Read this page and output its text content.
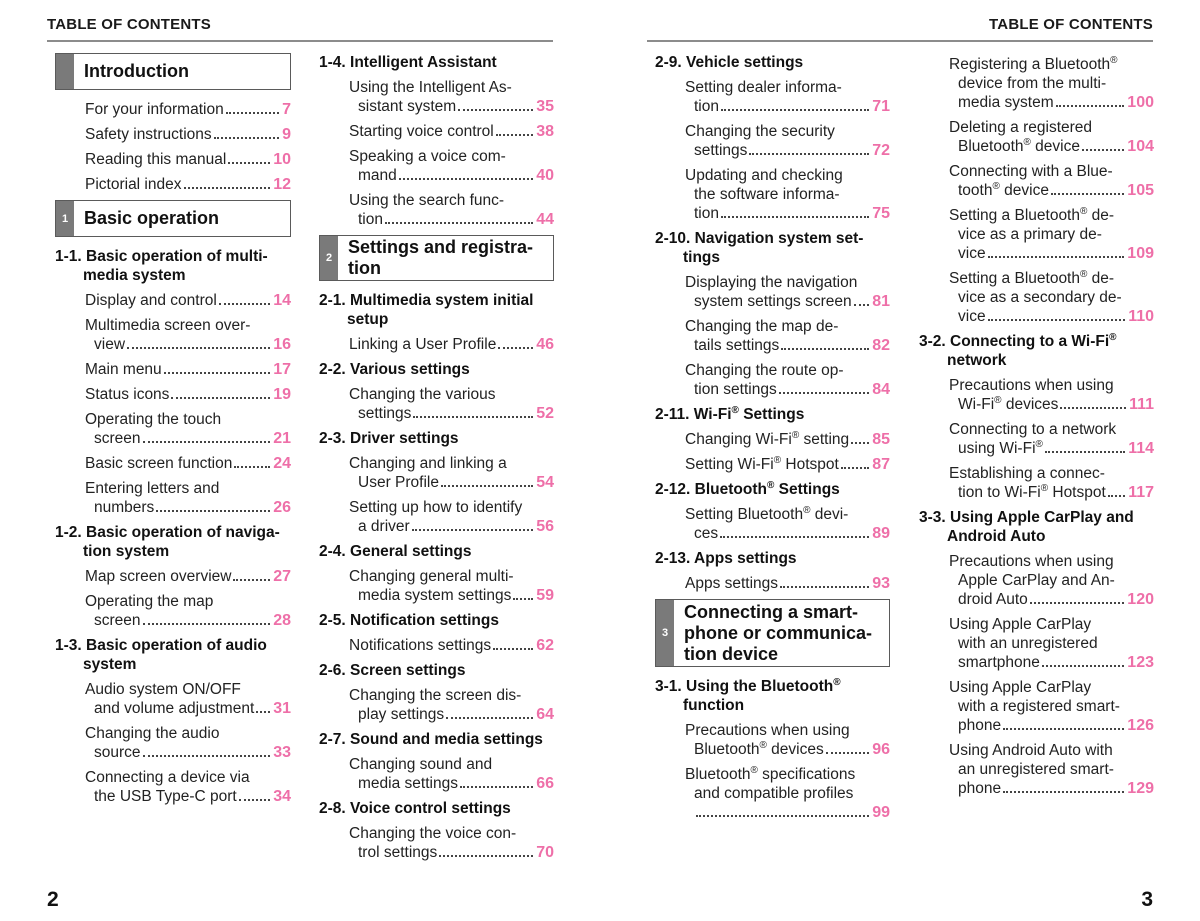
TABLE OF CONTENTS	TABLE OF CONTENTS
2	3
Introduction
For your information	7
Safety instructions	9
Reading this manual	10
Pictorial index	12
1 Basic operation
1-1. Basic operation of multi- media system
Display and control	14
Multimedia screen over-
view	16
Main menu	17
Status icons	19
Operating the touch
screen	21
Basic screen function	24
Entering letters and
numbers	26
1-2. Basic operation of naviga- tion system
Map screen overview	27
Operating the map
screen	28
1-3. Basic operation of audio system
Audio system ON/OFF
and volume adjustment 31
Changing the audio
source	33
Connecting a device via
the USB Type-C port 34
1-4. Intelligent Assistant
Using the Intelligent As-
sistant system	35
Starting voice control	38
Speaking a voice com-
mand	40
Using the search func-
tion	44
2
Settings and registra- tion
2-1. Multimedia system initial setup
Linking a User Profile 46
2-2. Various settings
Changing the various
settings	52
2-3. Driver settings
Changing and linking a
User Profile	54
Setting up how to identify
a driver	56
2-4. General settings
Changing general multi-
media system settings 59
2-5. Notification settings
Notifications settings	62
2-6. Screen settings
Changing the screen dis-
play settings	64
2-7. Sound and media settings
Changing sound and
media settings	66
2-8. Voice control settings
Changing the voice con-
trol settings	70
2-9. Vehicle settings
Setting dealer informa-
tion	71
Changing the security
settings	72
Updating and checking
the software informa-
tion	75
2-10. Navigation system set- tings
Displaying the navigation
system settings screen 81
Changing the map de-
tails settings	82
Changing the route op-
tion settings	84
2-11. Wi-Fi® Settings
Changing Wi-Fi® setting 85
Setting Wi-Fi® Hotspot 87
2-12. Bluetooth® Settings
Setting Bluetooth® devi-
ces	89
2-13. Apps settings
Apps settings	93
3
Connecting a smart- phone or communica- tion device
3-1. Using the Bluetooth® function
Precautions when using
Bluetooth® devices	96
Bluetooth® specifications
and compatible profiles
99
Registering a Bluetooth®
device from the multi-
media system	100
Deleting a registered
Bluetooth® device	104
Connecting with a Blue-
tooth® device	105
Setting a Bluetooth® de-
vice as a primary de-
vice	109
Setting a Bluetooth® de-
vice as a secondary de-
vice	110
3-2. Connecting to a Wi-Fi® network
Precautions when using
Wi-Fi® devices	111
Connecting to a network
using Wi-Fi®	114
Establishing a connec-
tion to Wi-Fi® Hotspot 117
3-3. Using Apple CarPlay and Android Auto
Precautions when using
Apple CarPlay and An-
droid Auto	120
Using Apple CarPlay
with an unregistered
smartphone	123
Using Apple CarPlay
with a registered smart-
phone	126
Using Android Auto with
an unregistered smart-
phone	129
